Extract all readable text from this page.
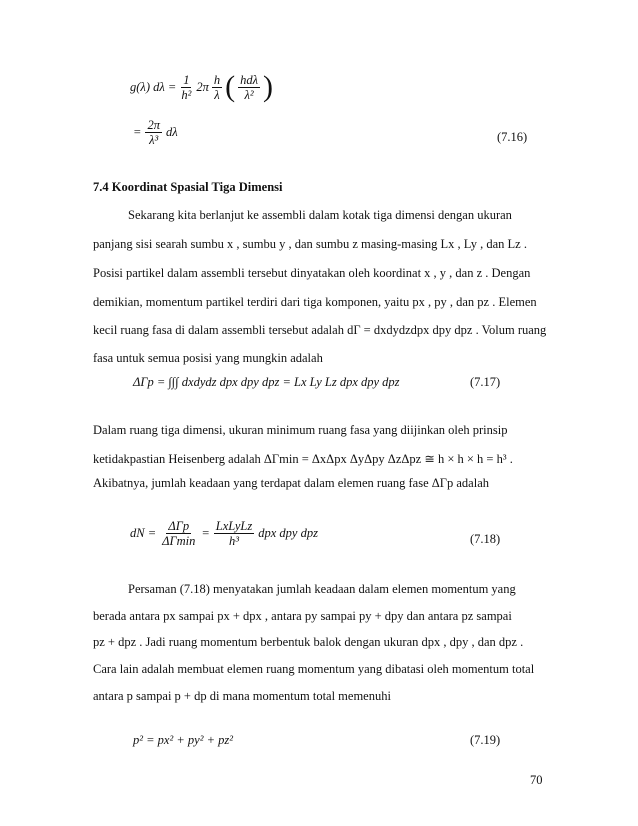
g(λ) $d\lambda = \frac{1}{\text{h²}} 2\pi \frac{h}{\lambda}$ ( $\frac{\text{hdλ}}{\text{λ²}}$ )
= $\frac{2\pi}{\text{λ³}}$ dλ	(7.16)
7.4 Koordinat Spasial Tiga Dimensi
Sekarang kita berlanjut ke assembli dalam kotak tiga dimensi dengan ukuran
panjang sisi searah sumbu x , sumbu y , dan sumbu z masing-masing Lx , Ly , dan Lz .
Posisi partikel dalam assembli tersebut dinyatakan oleh koordinat x , y , dan z . Dengan
demikian, momentum partikel terdiri dari tiga komponen, yaitu px , py , dan pz . Elemen
kecil ruang fasa di dalam assembli tersebut adalah dΓ = dxdydzdpx dpy dpz . Volum ruang
fasa untuk semua posisi yang mungkin adalah
ΔΓp = ∫∫∫ dxdydz dpx dpy dpz = Lx Ly Lz dpx dpy dpz	(7.17)
Dalam ruang tiga dimensi, ukuran minimum ruang fasa yang diijinkan oleh prinsip
ketidakpastian Heisenberg adalah ΔΓmin = ΔxΔpx ΔyΔpy ΔzΔpz ≅ h × h × h = h³ .
Akibatnya, jumlah keadaan yang terdapat dalam elemen ruang fase ΔΓp adalah
dN = $\frac{\text{ΔΓp}}{\Delta\Gamma\min} = \frac{\text{LxLyLz}}{\text{h³}}$ dpx dpy dpz	(7.18)
Persaman (7.18) menyatakan jumlah keadaan dalam elemen momentum yang
berada antara px sampai px + dpx , antara py sampai py + dpy dan antara pz sampai
pz + dpz . Jadi ruang momentum berbentuk balok dengan ukuran dpx , dpy , dan dpz .
Cara lain adalah membuat elemen ruang momentum yang dibatasi oleh momentum total
antara p sampai p + dp di mana momentum total memenuhi
p² = px² + py² + pz²	(7.19)
70
